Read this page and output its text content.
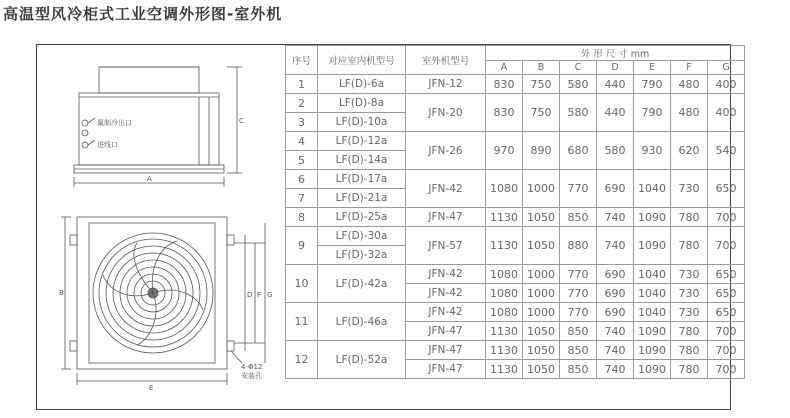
高温型风冷柜式工业空调外形图-室外机
氟制冷出口
进线口
A
C
B	D F G
E
4-Φ12
安装孔
序号	对应室内机型号	室外机型号	外 形 尺 寸 mm						
			A	B	C	D	E	F	G
1	LF(D)-6a	JFN-12	830	750	580	440	790	480	400
2	LF(D)-8a	JFN-20	830	750	580	440	790	480	400
3	LF(D)-10a								
4	LF(D)-12a	JFN-26	970	890	680	580	930	620	540
5	LF(D)-14a								
6	LF(D)-17a	JFN-42	1080	1000	770	690	1040	730	650
7	LF(D)-21a								
8	LF(D)-25a	JFN-47	1130	1050	850	740	1090	780	700
9	LF(D)-30a	JFN-57	1130	1050	880	740	1090	780	700
	LF(D)-32a								
10	LF(D)-42a	JFN-42	1080	1000	770	690	1040	730	650
		JFN-42	1080	1000	770	690	1040	730	650
11	LF(D)-46a	JFN-42	1080	1000	770	690	1040	730	650
		JFN-47	1130	1050	850	740	1090	780	700
12	LF(D)-52a	JFN-47	1130	1050	850	740	1090	780	700
		JFN-47	1130	1050	850	740	1090	780	700
